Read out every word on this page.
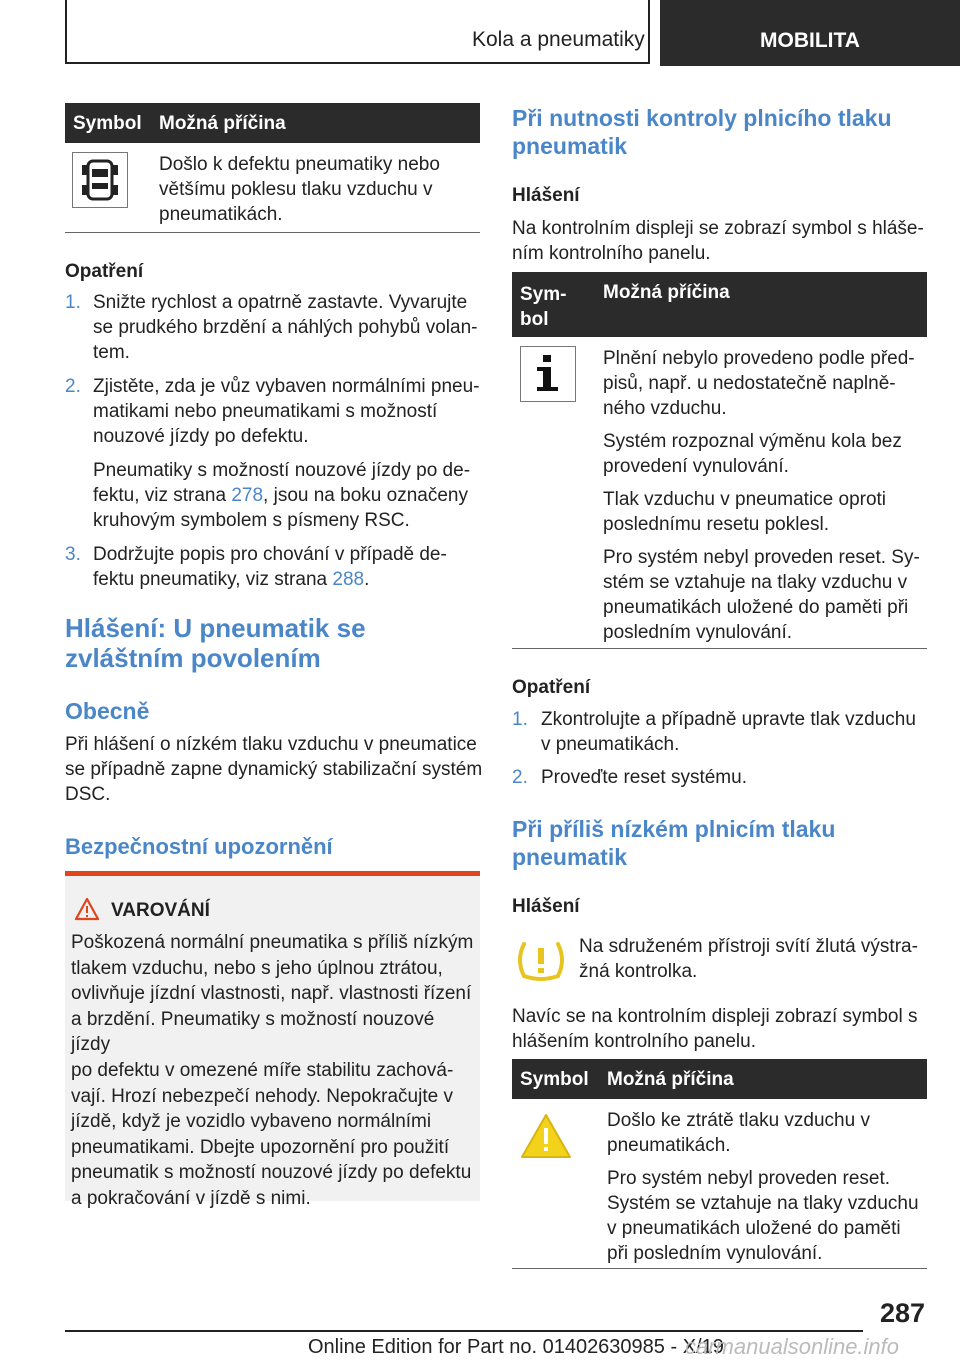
Kola a pneumatiky	MOBILITA
Symbol Možná příčina
Došlo k defektu pneumatiky nebo
většímu poklesu tlaku vzduchu v
pneumatikách.
Opatření
1. Snižte rychlost a opatrně zastavte. Vyvarujte
se prudkého brzdění a náhlých pohybů volan-
tem.
2. Zjistěte, zda je vůz vybaven normálními pneu-
matikami nebo pneumatikami s možností
nouzové jízdy po defektu.
Pneumatiky s možností nouzové jízdy po de-
fektu, viz strana 278, jsou na boku označeny
kruhovým symbolem s písmeny RSC.
3. Dodržujte popis pro chování v případě de-
fektu pneumatiky, viz strana 288.
Hlášení: U pneumatik se
zvláštním povolením
Obecně
Při hlášení o nízkém tlaku vzduchu v pneumatice
se případně zapne dynamický stabilizační systém
DSC.
Bezpečnostní upozornění
VAROVÁNÍ
Poškozená normální pneumatika s příliš nízkým
tlakem vzduchu, nebo s jeho úplnou ztrátou,
ovlivňuje jízdní vlastnosti, např. vlastnosti řízení
a brzdění. Pneumatiky s možností nouzové jízdy
po defektu v omezené míře stabilitu zachová-
vají. Hrozí nebezpečí nehody. Nepokračujte v
jízdě, když je vozidlo vybaveno normálními
pneumatikami. Dbejte upozornění pro použití
pneumatik s možností nouzové jízdy po defektu
a pokračování v jízdě s nimi.
Při nutnosti kontroly plnicího tlaku
pneumatik
Hlášení
Na kontrolním displeji se zobrazí symbol s hláše-
ním kontrolního panelu.
Sym-
bol
Možná příčina
Plnění nebylo provedeno podle před-
pisů, např. u nedostatečně naplně-
ného vzduchu.
Systém rozpoznal výměnu kola bez
provedení vynulování.
Tlak vzduchu v pneumatice oproti
poslednímu resetu poklesl.
Pro systém nebyl proveden reset. Sy-
stém se vztahuje na tlaky vzduchu v
pneumatikách uložené do paměti při
posledním vynulování.
Opatření
1. Zkontrolujte a případně upravte tlak vzduchu
v pneumatikách.
2. Proveďte reset systému.
Při příliš nízkém plnicím tlaku
pneumatik
Hlášení
Na sdruženém přístroji svítí žlutá výstra-
žná kontrolka.
Navíc se na kontrolním displeji zobrazí symbol s
hlášením kontrolního panelu.
Symbol Možná příčina
Došlo ke ztrátě tlaku vzduchu v
pneumatikách.
Pro systém nebyl proveden reset.
Systém se vztahuje na tlaky vzduchu
v pneumatikách uložené do paměti
při posledním vynulování.
287
Online Edition for Part no. 01402630985 - X/19
carmanualsonline.info
